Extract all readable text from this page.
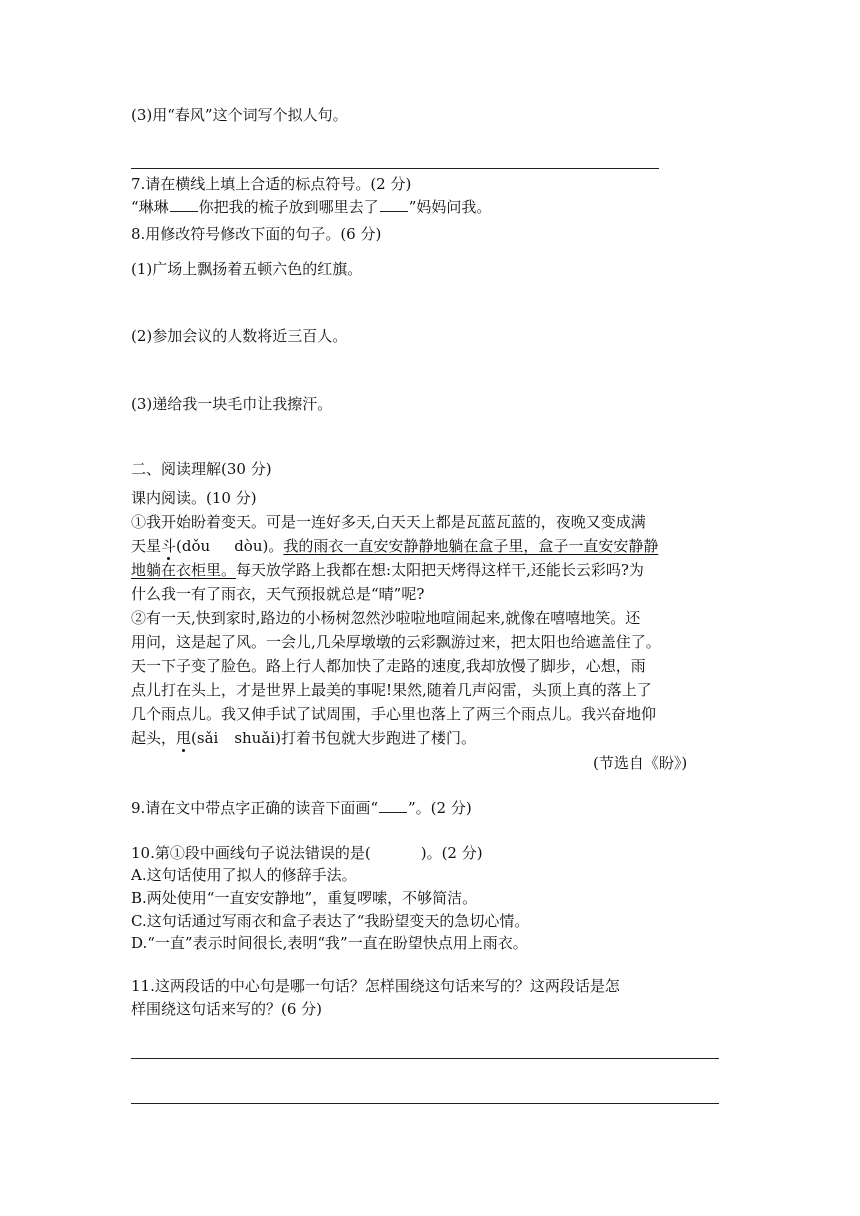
(3)用“春风”这个词写个拟人句。
7.请在横线上填上合适的标点符号。(2 分)
“琳琳 你把我的梳子放到哪里去了 ”妈妈问我。
8.用修改符号修改下面的句子。(6 分)
(1)广场上飘扬着五顿六色的红旗。
(2)参加会议的人数将近三百人。
(3)递给我一块毛巾让我擦汗。
二、阅读理解(30 分)
课内阅读。(10 分)
①我开始盼着变天。可是一连好多天,白天天上都是瓦蓝瓦蓝的，夜晚又变成满
天星斗(dǒu dòu)。我的雨衣一直安安静静地躺在盒子里，盒子一直安安静静
地躺在衣柜里。每天放学路上我都在想:太阳把天烤得这样干,还能长云彩吗?为
什么我一有了雨衣，天气预报就总是“晴”呢?
②有一天,快到家时,路边的小杨树忽然沙啦啦地喧闹起来,就像在嘻嘻地笑。还
用问，这是起了风。一会儿,几朵厚墩墩的云彩飘游过来，把太阳也给遮盖住了。
天一下子变了脸色。路上行人都加快了走路的速度,我却放慢了脚步，心想，雨
点儿打在头上，才是世界上最美的事呢!果然,随着几声闷雷，头顶上真的落上了
几个雨点儿。我又伸手试了试周围，手心里也落上了两三个雨点儿。我兴奋地仰
起头，甩(sǎi shuǎi)打着书包就大步跑进了楼门。
(节选自《盼》)
9.请在文中带点字正确的读音下面画“ ”。(2 分)
10.第①段中画线句子说法错误的是(	)。(2 分)
A.这句话使用了拟人的修辞手法。
B.两处使用“一直安安静地”，重复啰嗦，不够简洁。
C.这句话通过写雨衣和盒子表达了“我盼望变天的急切心情。
D.“一直”表示时间很长,表明“我”一直在盼望快点用上雨衣。
11.这两段话的中心句是哪一句话？怎样围绕这句话来写的？这两段话是怎
样围绕这句话来写的？(6 分)
